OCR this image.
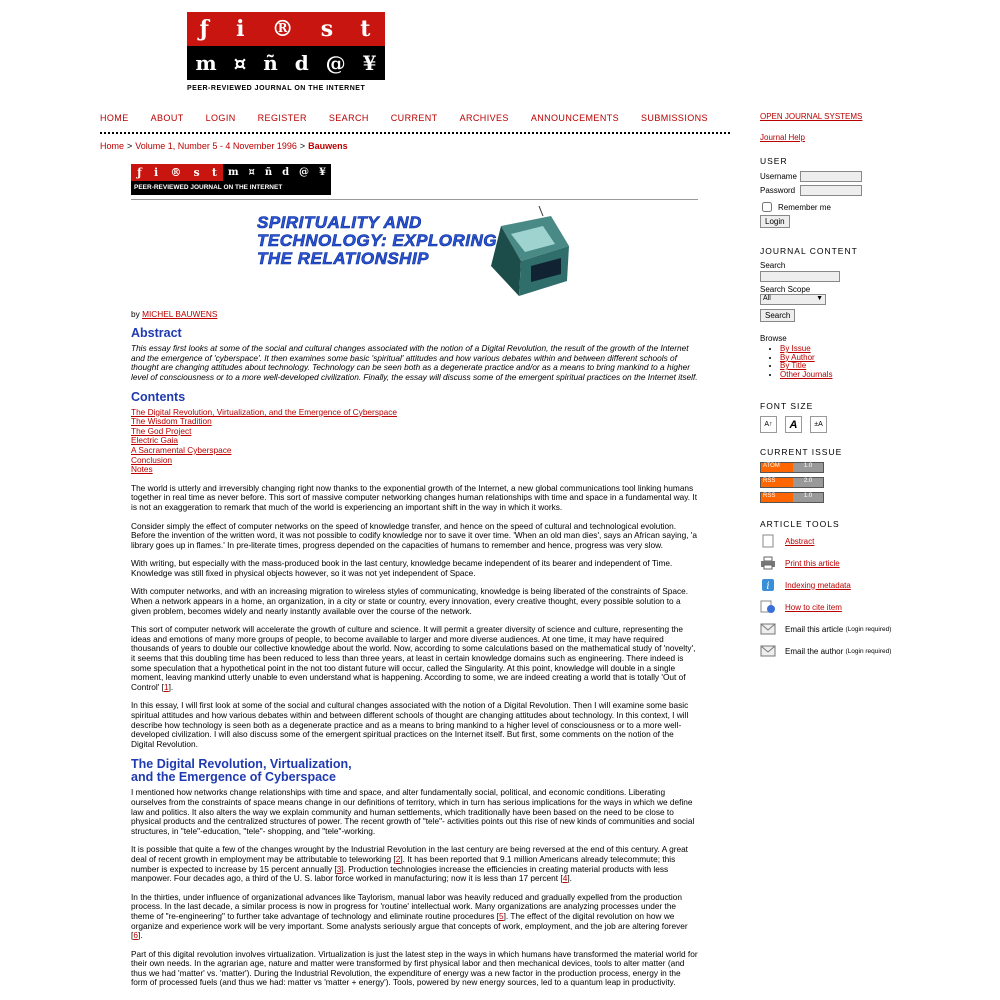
ƒ i ® s t
m ¤ ñ d @ ¥
PEER-REVIEWED JOURNAL ON THE INTERNET
HOME ABOUT LOGIN REGISTER SEARCH CURRENT ARCHIVES ANNOUNCEMENTS SUBMISSIONS
Home > Volume 1, Number 5 - 4 November 1996 > Bauwens
ƒ i ® s t m ¤ ñ d @ ¥
PEER-REVIEWED JOURNAL ON THE INTERNET
SPIRITUALITY AND
TECHNOLOGY: EXPLORING
THE RELATIONSHIP
by MICHEL BAUWENS
Abstract
This essay first looks at some of the social and cultural changes associated with the notion of a Digital Revolution, the result of the growth of the Internet and the emergence of 'cyberspace'. It then examines some basic 'spiritual' attitudes and how various debates within and between different schools of thought are changing attitudes about technology. Technology can be seen both as a degenerate practice and/or as a means to bring mankind to a higher level of consciousness or to a more well-developed civilization. Finally, the essay will discuss some of the emergent spiritual practices on the Internet itself.
Contents
The Digital Revolution, Virtualization, and the Emergence of Cyberspace
The Wisdom Tradition
The God Project
Electric Gaia
A Sacramental Cyberspace
Conclusion
Notes

The world is utterly and irreversibly changing right now thanks to the exponential growth of the Internet, a new global communications tool linking humans together in real time as never before. This sort of massive computer networking changes human relationships with time and space in a fundamental way. It is not an exaggeration to remark that much of the world is experiencing an important shift in the way in which it works.

Consider simply the effect of computer networks on the speed of knowledge transfer, and hence on the speed of cultural and technological evolution. Before the invention of the written word, it was not possible to codify knowledge nor to save it over time. 'When an old man dies', says an African saying, 'a library goes up in flames.' In pre-literate times, progress depended on the capacities of humans to remember and hence, progress was very slow.

With writing, but especially with the mass-produced book in the last century, knowledge became independent of its bearer and independent of Time. Knowledge was still fixed in physical objects however, so it was not yet independent of Space.

With computer networks, and with an increasing migration to wireless styles of communicating, knowledge is being liberated of the constraints of Space. When a network appears in a home, an organization, in a city or state or country, every innovation, every creative thought, every possible solution to a given problem, becomes widely and nearly instantly available over the course of the network.

This sort of computer network will accelerate the growth of culture and science. It will permit a greater diversity of science and culture, representing the ideas and emotions of many more groups of people, to become available to larger and more diverse audiences. At one time, it may have required thousands of years to double our collective knowledge about the world. Now, according to some calculations based on the mathematical study of 'novelty', it seems that this doubling time has been reduced to less than three years, at least in certain knowledge domains such as engineering. There indeed is some speculation that a hypothetical point in the not too distant future will occur, called the Singularity. At this point, knowledge will double in a single moment, leaving mankind utterly unable to even understand what is happening. According to some, we are indeed creating a world that is totally 'Out of Control' [1].

In this essay, I will first look at some of the social and cultural changes associated with the notion of a Digital Revolution. Then I will examine some basic spiritual attitudes and how various debates within and between different schools of thought are changing attitudes about technology. In this context, I will describe how technology is seen both as a degenerate practice and as a means to bring mankind to a higher level of consciousness or to a more well-developed civilization. I will also discuss some of the emergent spiritual practices on the Internet itself. But first, some comments on the notion of the Digital Revolution.

The Digital Revolution, Virtualization,
and the Emergence of Cyberspace

I mentioned how networks change relationships with time and space, and alter fundamentally social, political, and economic conditions. Liberating ourselves from the constraints of space means change in our definitions of territory, which in turn has serious implications for the ways in which we define law and politics. It also alters the way we explain community and human settlements, which traditionally have been based on the need to be close to physical products and the centralized structures of power. The recent growth of "tele"- activities points out this rise of new kinds of communities and social structures, in "tele"-education, "tele"- shopping, and "tele"-working.

It is possible that quite a few of the changes wrought by the Industrial Revolution in the last century are being reversed at the end of this century. A great deal of recent growth in employment may be attributable to teleworking [2]. It has been reported that 9.1 million Americans already telecommute; this number is expected to increase by 15 percent annually [3]. Production technologies increase the efficiencies in creating material products with less manpower. Four decades ago, a third of the U. S. labor force worked in manufacturing; now it is less than 17 percent [4].

In the thirties, under influence of organizational advances like Taylorism, manual labor was heavily reduced and gradually expelled from the production process. In the last decade, a similar process is now in progress for 'routine' intellectual work. Many organizations are analyzing processes under the theme of "re-engineering" to further take advantage of technology and eliminate routine procedures [5]. The effect of the digital revolution on how we organize and experience work will be very important. Some analysts seriously argue that concepts of work, employment, and the job are altering forever [6].

Part of this digital revolution involves virtualization. Virtualization is just the latest step in the ways in which humans have transformed the material world for their own needs. In the agrarian age, nature and matter were transformed by first physical labor and then mechanical devices, tools to alter matter (and thus we had 'matter' vs. 'matter'). During the Industrial Revolution, the expenditure of energy was a new factor in the production process, energy in the form of processed fuels (and thus we had: matter vs 'matter + energy'). Tools, powered by new energy sources, led to a quantum leap in productivity.

OPEN JOURNAL SYSTEMS
Journal Help
USER
Username
Password
Remember me
Login
JOURNAL CONTENT
Search
Search Scope
All	▼
Search
Browse
• By Issue
• By Author
• By Title
• Other Journals
FONT SIZE
A↑	A	±A
CURRENT ISSUE
ATOM	1.0
RSS	2.0
RSS	1.0
ARTICLE TOOLS
Abstract
Print this article
i Indexing metadata
How to cite item
Email this article
(Login required)
Email the author
(Login required)
